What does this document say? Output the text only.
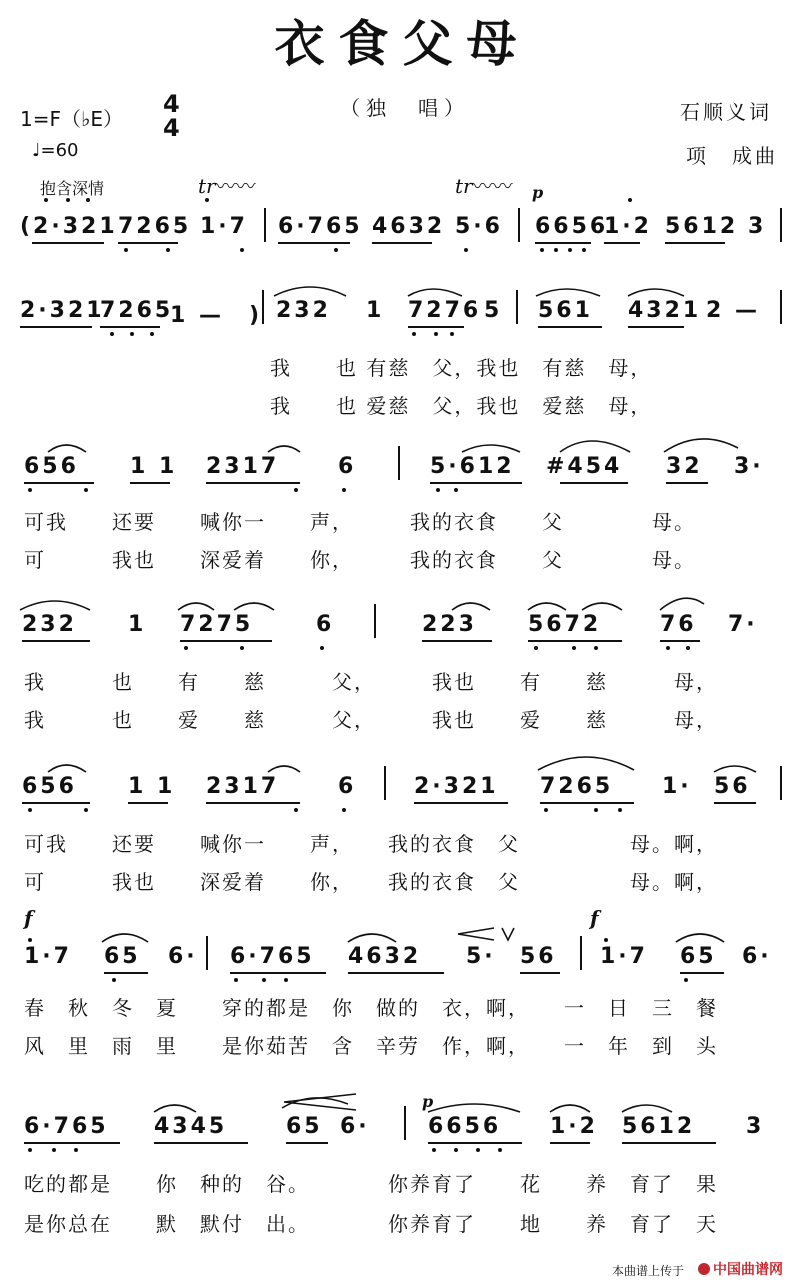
衣食父母
（独　唱）
1=F（♭E）
4
4
♩=60
石顺义词
项　成曲
抱含深情	tr〰〰	tr〰〰 p
(2·321 7265 1·7 6·765 4632 5·6 6656
1·2 5612 3
2·321
7265
1 —　) 232 1 7276 5 561 4321 2 —
我　　也 有慈　父，我也　有慈　母，
我　　也 爱慈　父，我也　爱慈　母，
656 1 1 2317	6	5·612 #454 32 3·
可我　　还要　　喊你一　　声，　　　我的衣食　　父　　　　母。
可　　　我也　　深爱着　　你，　　　我的衣食　　父　　　　母。
232 1 7275	6	223 5672	76 7·
我　　　也　　有　　慈　　　父，　　　我也　　有　　慈　　　母，
我　　　也　　爱　　慈　　　父，　　　我也　　爱　　慈　　　母，
656 1 1 2317	6	2·321 7265 1· 56
可我　　还要　　喊你一　　声，　　我的衣食　父　　　　　母。啊，
可　　　我也　　深爱着　　你，　　我的衣食　父　　　　　母。啊，
f	f
1·7 65 6· 6·765 4632 5· 56 1·7 65 6·
春　秋　冬　夏　　穿的都是　你　做的　衣，啊，　　一　日　三　餐
风　里　雨　里　　是你茹苦　含　辛劳　作，啊，　　一　年　到　头
p
6·765 4345	65 6·	6656 1·2 5612 3
吃的都是　　你　种的　谷。　　　　你养育了　　花　　养　育了　果
是你总在　　默　默付　出。　　　　你养育了　　地　　养　育了　天
本曲谱上传于	中国曲谱网
